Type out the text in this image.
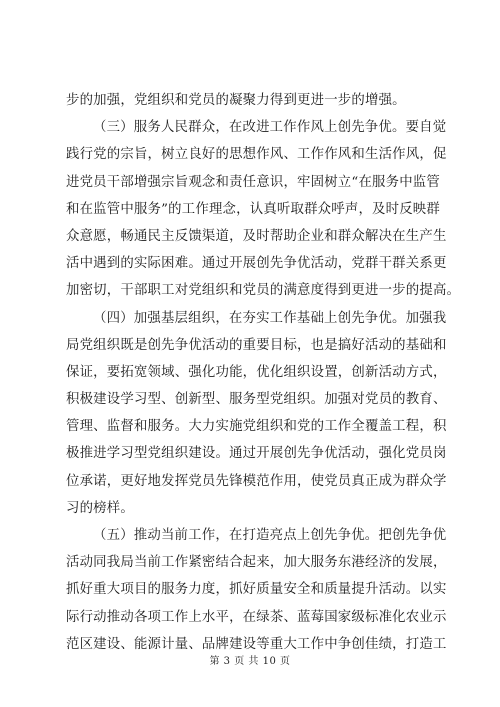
步的加强，党组织和党员的凝聚力得到更进一步的增强。
（三）服务人民群众，在改进工作作风上创先争优。要自觉
践行党的宗旨，树立良好的思想作风、工作作风和生活作风，促
进党员干部增强宗旨观念和责任意识，牢固树立“在服务中监管
和在监管中服务”的工作理念，认真听取群众呼声，及时反映群
众意愿，畅通民主反馈渠道，及时帮助企业和群众解决在生产生
活中遇到的实际困难。通过开展创先争优活动，党群干群关系更
加密切，干部职工对党组织和党员的满意度得到更进一步的提高。
（四）加强基层组织，在夯实工作基础上创先争优。加强我
局党组织既是创先争优活动的重要目标，也是搞好活动的基础和
保证，要拓宽领域、强化功能，优化组织设置，创新活动方式，
积极建设学习型、创新型、服务型党组织。加强对党员的教育、
管理、监督和服务。大力实施党组织和党的工作全覆盖工程，积
极推进学习型党组织建设。通过开展创先争优活动，强化党员岗
位承诺，更好地发挥党员先锋模范作用，使党员真正成为群众学
习的榜样。
（五）推动当前工作，在打造亮点上创先争优。把创先争优
活动同我局当前工作紧密结合起来，加大服务东港经济的发展，
抓好重大项目的服务力度，抓好质量安全和质量提升活动。以实
际行动推动各项工作上水平，在绿茶、蓝莓国家级标准化农业示
范区建设、能源计量、品牌建设等重大工作中争创佳绩，打造工
第 3 页 共 10 页
